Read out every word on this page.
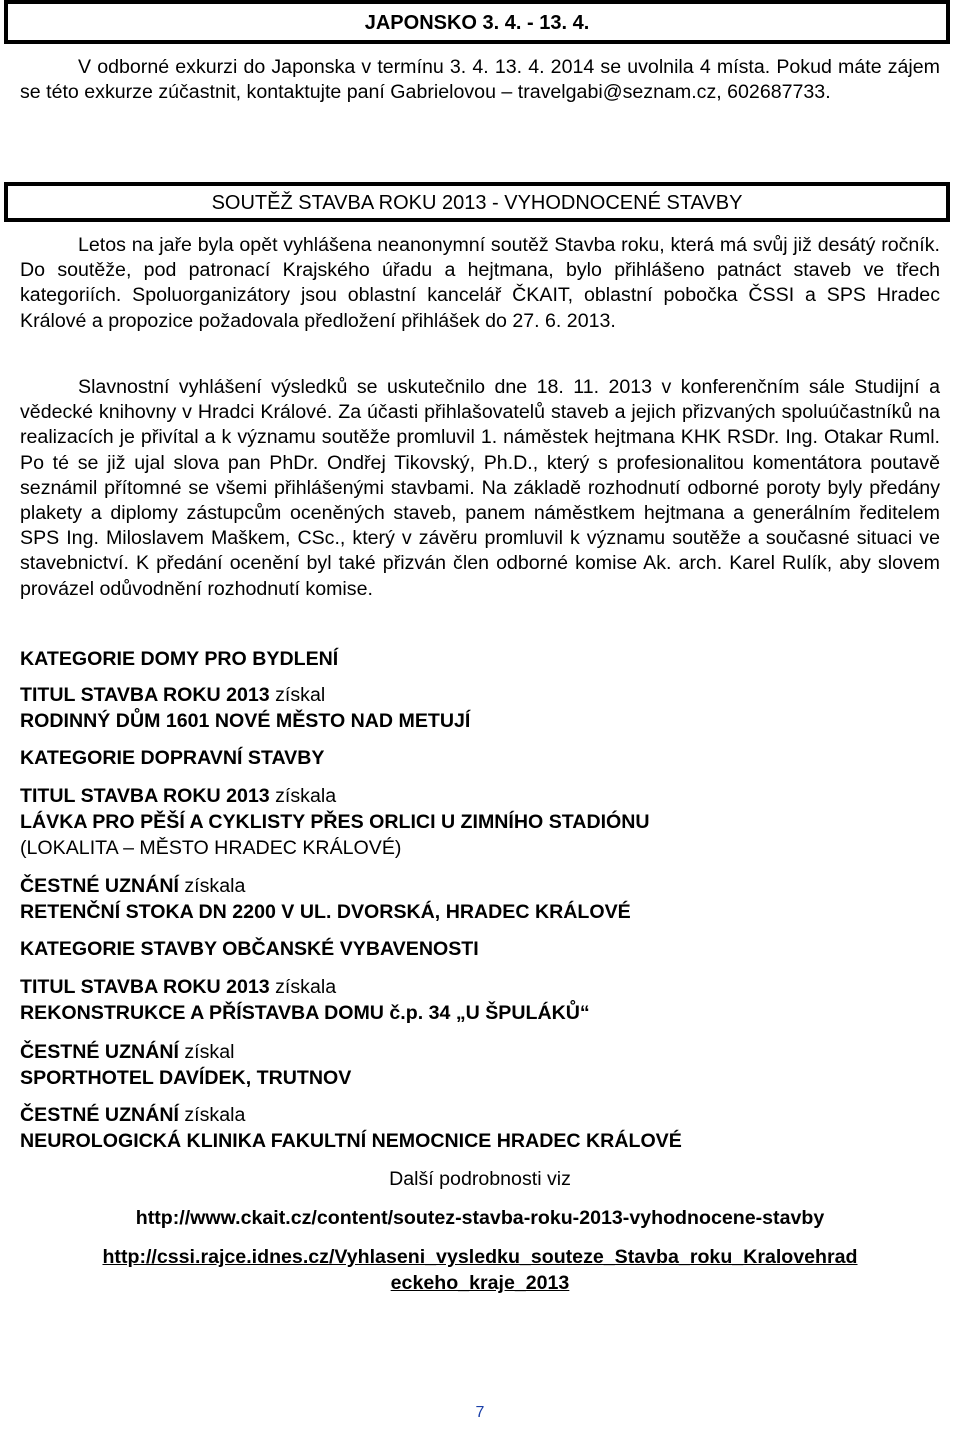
JAPONSKO 3. 4. - 13. 4.
V odborné exkurzi do Japonska v termínu 3. 4. 13. 4. 2014 se uvolnila 4 místa. Pokud máte zájem se této exkurze zúčastnit, kontaktujte paní Gabrielovou – travelgabi@seznam.cz, 602687733.
SOUTĚŽ STAVBA ROKU 2013 - VYHODNOCENÉ STAVBY
Letos na jaře byla opět vyhlášena neanonymní soutěž Stavba roku, která má svůj již desátý ročník. Do soutěže, pod patronací Krajského úřadu a hejtmana, bylo přihlášeno patnáct staveb ve třech kategoriích. Spoluorganizátory jsou oblastní kancelář ČKAIT, oblastní pobočka ČSSI a SPS Hradec Králové a propozice požadovala předložení přihlášek do 27. 6. 2013.
Slavnostní vyhlášení výsledků se uskutečnilo dne 18. 11. 2013 v konferenčním sále Studijní a vědecké knihovny v Hradci Králové. Za účasti přihlašovatelů staveb a jejich přizvaných spoluúčastníků na realizacích je přivítal a k významu soutěže promluvil 1. náměstek hejtmana KHK RSDr. Ing. Otakar Ruml. Po té se již ujal slova pan PhDr. Ondřej Tikovský, Ph.D., který s profesionalitou komentátora poutavě seznámil přítomné se všemi přihlášenými stavbami. Na základě rozhodnutí odborné poroty byly předány plakety a diplomy zástupcům oceněných staveb, panem náměstkem hejtmana a generálním ředitelem SPS Ing. Miloslavem Maškem, CSc., který v závěru promluvil k významu soutěže a současné situaci ve stavebnictví. K předání ocenění byl také přizván člen odborné komise Ak. arch. Karel Rulík, aby slovem provázel odůvodnění rozhodnutí komise.
KATEGORIE DOMY PRO BYDLENÍ
TITUL STAVBA ROKU 2013 získal
RODINNÝ DŮM 1601 NOVÉ MĚSTO NAD METUJÍ
KATEGORIE DOPRAVNÍ STAVBY
TITUL STAVBA ROKU 2013 získala
LÁVKA PRO PĚŠÍ A CYKLISTY PŘES ORLICI U ZIMNÍHO STADIÓNU
(LOKALITA – MĚSTO HRADEC KRÁLOVÉ)
ČESTNÉ UZNÁNÍ získala
RETENČNÍ STOKA DN 2200 V UL. DVORSKÁ, HRADEC KRÁLOVÉ
KATEGORIE STAVBY OBČANSKÉ VYBAVENOSTI
TITUL STAVBA ROKU 2013 získala
REKONSTRUKCE A PŘÍSTAVBA DOMU č.p. 34 „U ŠPULÁKŮ“
ČESTNÉ UZNÁNÍ získal
SPORTHOTEL DAVÍDEK, TRUTNOV
ČESTNÉ UZNÁNÍ získala
NEUROLOGICKÁ KLINIKA FAKULTNÍ NEMOCNICE HRADEC KRÁLOVÉ
Další podrobnosti viz
http://www.ckait.cz/content/soutez-stavba-roku-2013-vyhodnocene-stavby
http://cssi.rajce.idnes.cz/Vyhlaseni_vysledku_souteze_Stavba_roku_Kralovehrad
eckeho_kraje_2013
7
